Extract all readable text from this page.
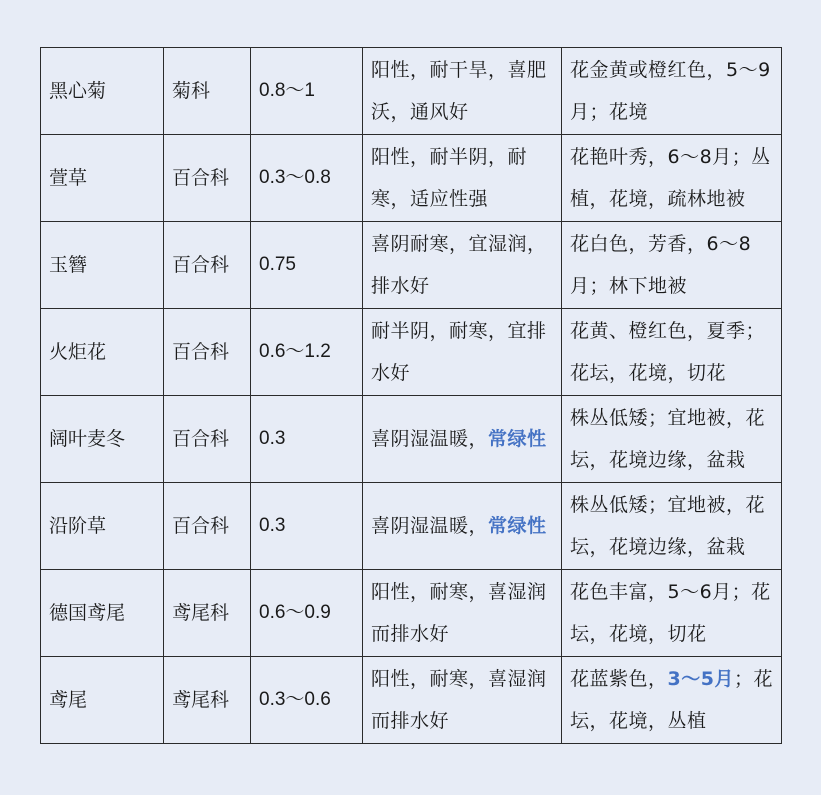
黑心菊	菊科	0.8～1	阳性，耐干旱，喜肥沃，通风好	花金黄或橙红色，5～9月；花境
萱草	百合科	0.3～0.8	阳性，耐半阴，耐寒，适应性强	花艳叶秀，6～8月；丛植，花境，疏林地被
玉簪	百合科	0.75	喜阴耐寒，宜湿润，排水好	花白色，芳香，6～8月；林下地被
火炬花	百合科	0.6～1.2	耐半阴，耐寒，宜排水好	花黄、橙红色，夏季；花坛，花境，切花
阔叶麦冬	百合科	0.3	喜阴湿温暖，常绿性	株丛低矮；宜地被，花坛，花境边缘，盆栽
沿阶草	百合科	0.3	喜阴湿温暖，常绿性	株丛低矮；宜地被，花坛，花境边缘，盆栽
德国鸢尾	鸢尾科	0.6～0.9	阳性，耐寒，喜湿润而排水好	花色丰富，5～6月；花坛，花境，切花
鸢尾	鸢尾科	0.3～0.6	阳性，耐寒，喜湿润而排水好	花蓝紫色，3～5月；花坛，花境，丛植
